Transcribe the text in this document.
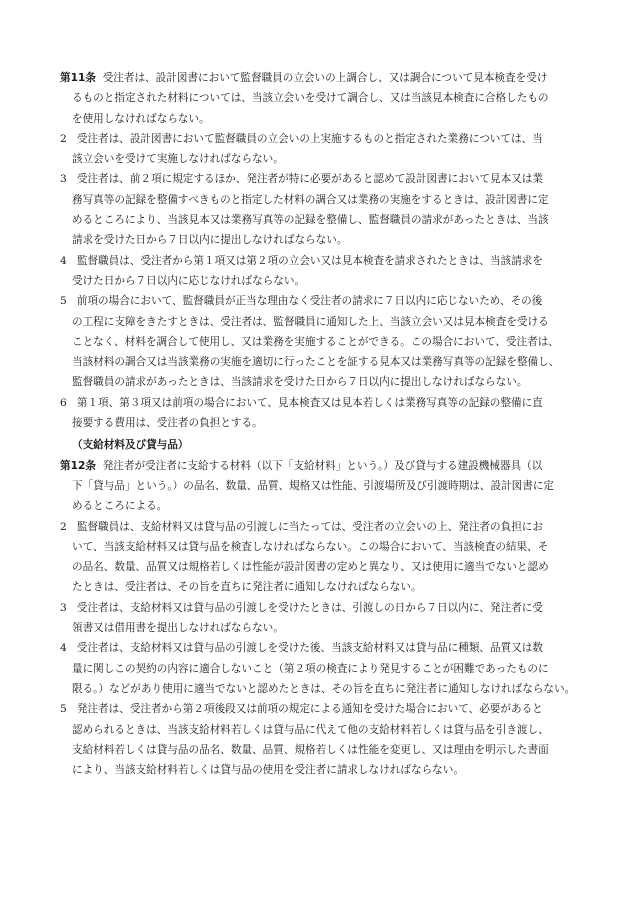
第11条 受注者は、設計図書において監督職員の立会いの上調合し、又は調合について見本検査を受け
るものと指定された材料については、当該立会いを受けて調合し、又は当該見本検査に合格したもの
を使用しなければならない。
2 受注者は、設計図書において監督職員の立会いの上実施するものと指定された業務については、当
該立会いを受けて実施しなければならない。
3 受注者は、前２項に規定するほか、発注者が特に必要があると認めて設計図書において見本又は業
務写真等の記録を整備すべきものと指定した材料の調合又は業務の実施をするときは、設計図書に定
めるところにより、当該見本又は業務写真等の記録を整備し、監督職員の請求があったときは、当該
請求を受けた日から７日以内に提出しなければならない。
4 監督職員は、受注者から第１項又は第２項の立会い又は見本検査を請求されたときは、当該請求を
受けた日から７日以内に応じなければならない。
5 前項の場合において、監督職員が正当な理由なく受注者の請求に７日以内に応じないため、その後
の工程に支障をきたすときは、受注者は、監督職員に通知した上、当該立会い又は見本検査を受ける
ことなく、材料を調合して使用し、又は業務を実施することができる。この場合において、受注者は、
当該材料の調合又は当該業務の実施を適切に行ったことを証する見本又は業務写真等の記録を整備し、
監督職員の請求があったときは、当該請求を受けた日から７日以内に提出しなければならない。
6 第１項、第３項又は前項の場合において、見本検査又は見本若しくは業務写真等の記録の整備に直
接要する費用は、受注者の負担とする。
（支給材料及び貸与品）
第12条 発注者が受注者に支給する材料（以下「支給材料」という。）及び貸与する建設機械器具（以
下「貸与品」という。）の品名、数量、品質、規格又は性能、引渡場所及び引渡時期は、設計図書に定
めるところによる。
2 監督職員は、支給材料又は貸与品の引渡しに当たっては、受注者の立会いの上、発注者の負担にお
いて、当該支給材料又は貸与品を検査しなければならない。この場合において、当該検査の結果、そ
の品名、数量、品質又は規格若しくは性能が設計図書の定めと異なり、又は使用に適当でないと認め
たときは、受注者は、その旨を直ちに発注者に通知しなければならない。
3 受注者は、支給材料又は貸与品の引渡しを受けたときは、引渡しの日から７日以内に、発注者に受
領書又は借用書を提出しなければならない。
4 受注者は、支給材料又は貸与品の引渡しを受けた後、当該支給材料又は貸与品に種類、品質又は数
量に関しこの契約の内容に適合しないこと（第２項の検査により発見することが困難であったものに
限る。）などがあり使用に適当でないと認めたときは、その旨を直ちに発注者に通知しなければならない。
5 発注者は、受注者から第２項後段又は前項の規定による通知を受けた場合において、必要があると
認められるときは、当該支給材料若しくは貸与品に代えて他の支給材料若しくは貸与品を引き渡し、
支給材料若しくは貸与品の品名、数量、品質、規格若しくは性能を変更し、又は理由を明示した書面
により、当該支給材料若しくは貸与品の使用を受注者に請求しなければならない。
